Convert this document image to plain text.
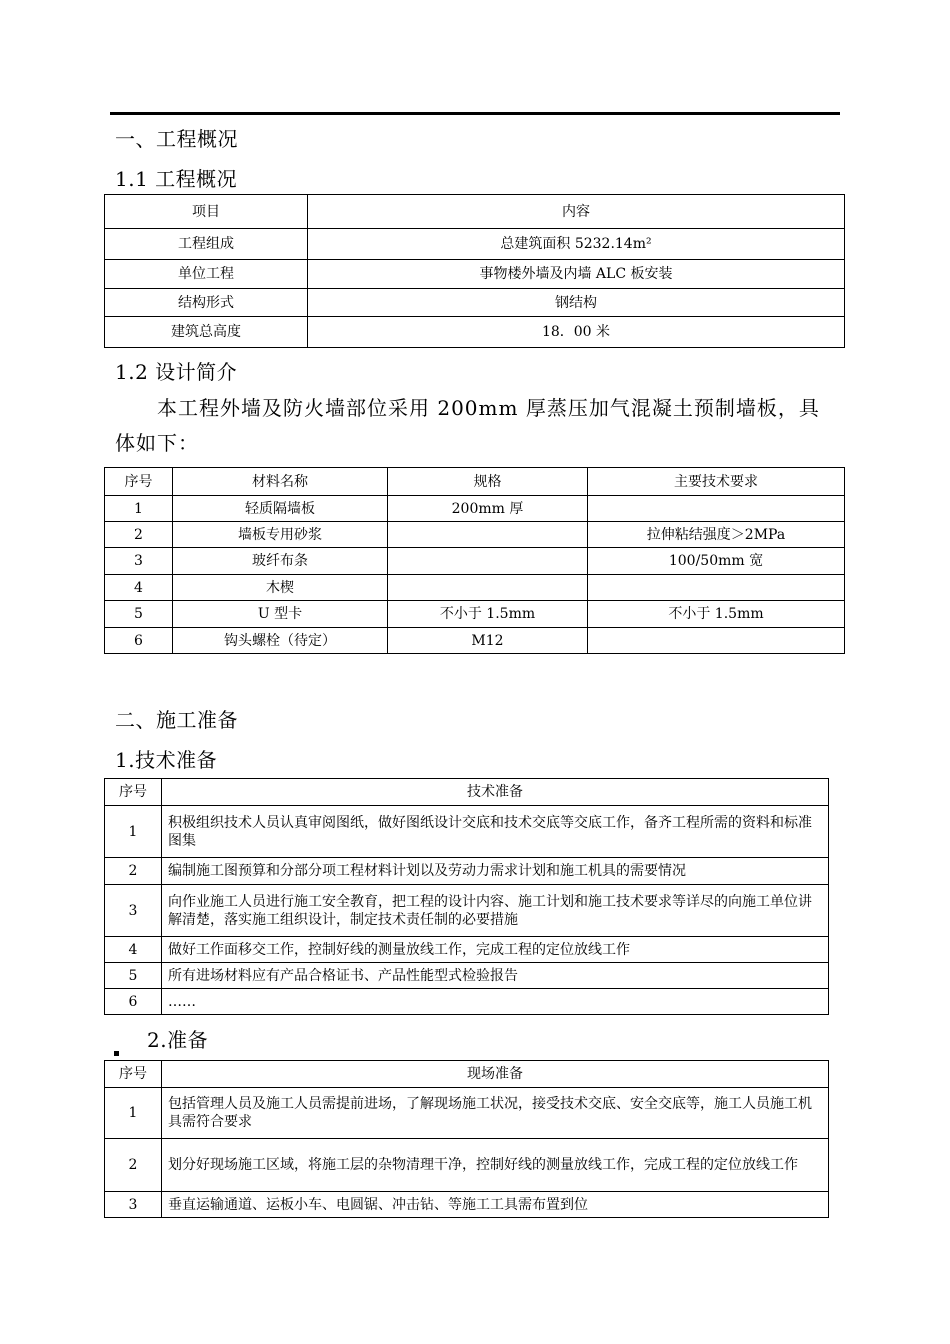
一、工程概况
1.1 工程概况
项目	内容
工程组成	总建筑面积 5232.14m²
单位工程	事物楼外墙及内墙 ALC 板安装
结构形式	钢结构
建筑总高度	18．00 米
1.2 设计简介
本工程外墙及防火墙部位采用 200mm 厚蒸压加气混凝土预制墙板，具体如下：
序号	材料名称	规格	主要技术要求
1	轻质隔墙板	200mm 厚	
2	墙板专用砂浆		拉伸粘结强度＞2MPa
3	玻纤布条		100/50mm 宽
4	木楔		
5	U 型卡	不小于 1.5mm	不小于 1.5mm
6	钩头螺栓（待定）	M12	
二、施工准备
1.技术准备
序号	技术准备
1	积极组织技术人员认真审阅图纸，做好图纸设计交底和技术交底等交底工作，备齐工程所需的资料和标准图集
2	编制施工图预算和分部分项工程材料计划以及劳动力需求计划和施工机具的需要情况
3	向作业施工人员进行施工安全教育，把工程的设计内容、施工计划和施工技术要求等详尽的向施工单位讲解清楚，落实施工组织设计，制定技术责任制的必要措施
4	做好工作面移交工作，控制好线的测量放线工作，完成工程的定位放线工作
5	所有进场材料应有产品合格证书、产品性能型式检验报告
6	……
2.准备
序号	现场准备
1	包括管理人员及施工人员需提前进场，了解现场施工状况，接受技术交底、安全交底等，施工人员施工机具需符合要求
2	划分好现场施工区域，将施工层的杂物清理干净，控制好线的测量放线工作，完成工程的定位放线工作
3	垂直运输通道、运板小车、电圆锯、冲击钻、等施工工具需布置到位
